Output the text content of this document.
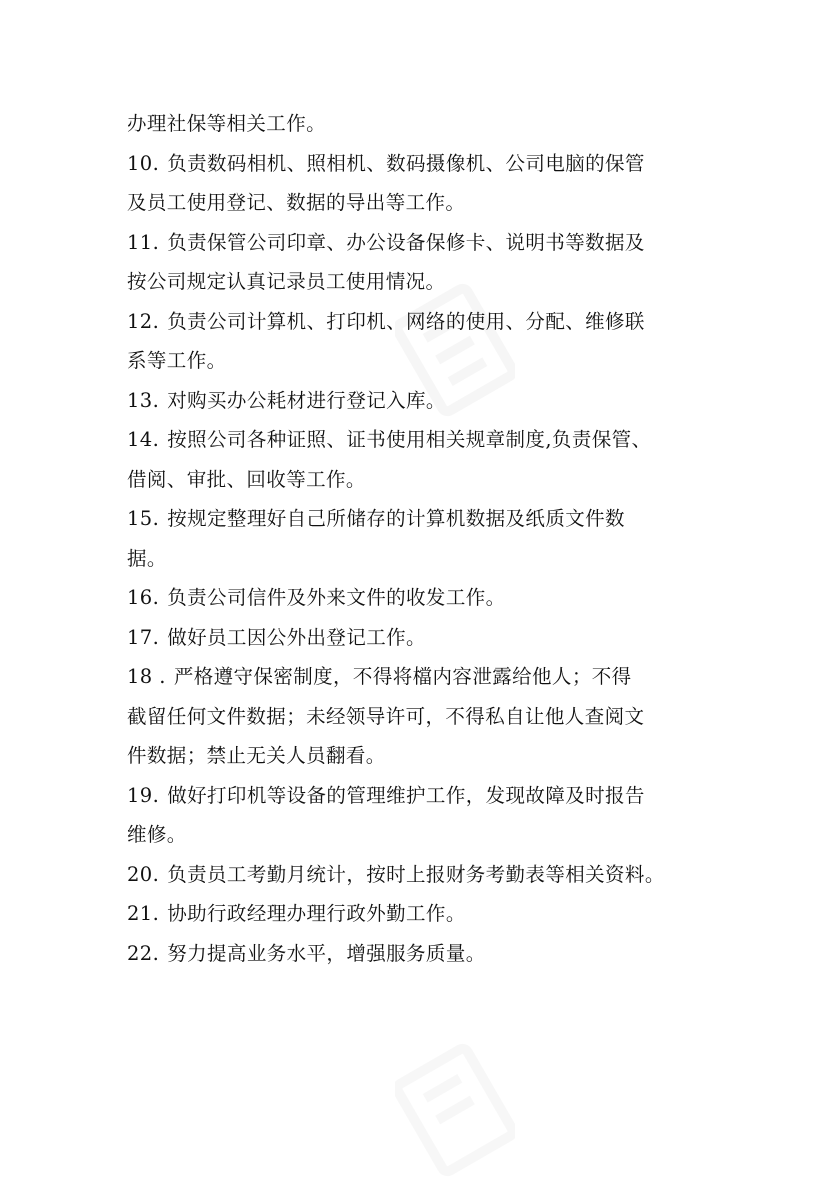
办理社保等相关工作。

10. 负责数码相机、照相机、数码摄像机、公司电脑的保管

及员工使用登记、数据的导出等工作。

11. 负责保管公司印章、办公设备保修卡、说明书等数据及

按公司规定认真记录员工使用情况。

12. 负责公司计算机、打印机、网络的使用、分配、维修联

系等工作。

13. 对购买办公耗材进行登记入库。

14. 按照公司各种证照、证书使用相关规章制度,负责保管、

借阅、审批、回收等工作。

15. 按规定整理好自己所储存的计算机数据及纸质文件数

据。

16. 负责公司信件及外来文件的收发工作。

17. 做好员工因公外出登记工作。

18 . 严格遵守保密制度，不得将檔内容泄露给他人；不得

截留任何文件数据；未经领导许可，不得私自让他人查阅文

件数据；禁止无关人员翻看。

19. 做好打印机等设备的管理维护工作，发现故障及时报告

维修。

20. 负责员工考勤月统计，按时上报财务考勤表等相关资料。

21. 协助行政经理办理行政外勤工作。

22. 努力提高业务水平，增强服务质量。
